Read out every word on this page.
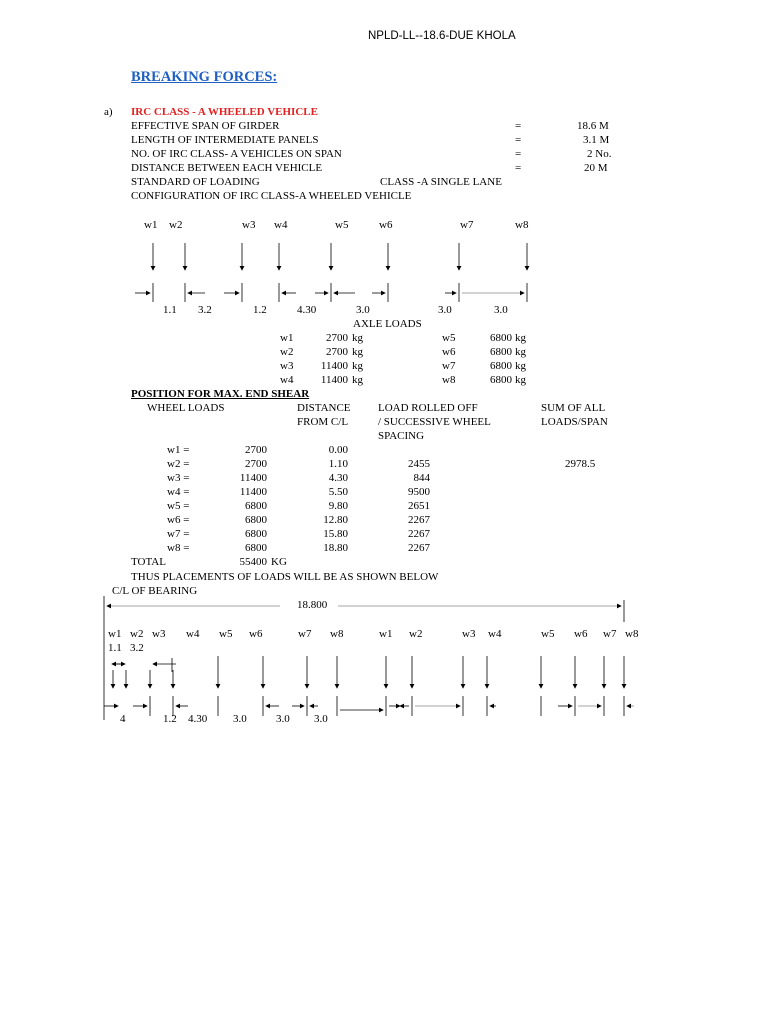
NPLD-LL--18.6-DUE KHOLA
BREAKING FORCES:
a) IRC CLASS - A WHEELED VEHICLE
EFFECTIVE SPAN OF GIRDER	=	18.6 M
LENGTH OF INTERMEDIATE PANELS	=	3.1 M
NO. OF IRC CLASS- A VEHICLES ON SPAN	=	2 No.
DISTANCE BETWEEN EACH VEHICLE	=	20 M
STANDARD OF LOADING	CLASS -A SINGLE LANE
CONFIGURATION OF IRC CLASS-A WHEELED VEHICLE
w1 w2	w3 w4	w5	w6	w7	w8
1.1 3.2	1.2	4.30	3.0	3.0	3.0
AXLE LOADS
w1	2700 kg
w2	2700 kg
w3	11400 kg
w4	11400 kg
w5	6800 kg
w6	6800 kg
w7	6800 kg
w8	6800 kg
POSITION FOR MAX. END SHEAR
WHEEL LOADS	DISTANCE
FROM C/L
LOAD ROLLED OFF
/ SUCCESSIVE WHEEL
SPACING
SUM OF ALL
LOADS/SPAN
w1 =	2700	0.00
w2 =	2700	1.10	2455	2978.5
w3 =	11400	4.30	844
w4 =	11400	5.50	9500
w5 =	6800	9.80	2651
w6 =	6800	12.80	2267
w7 =	6800	15.80	2267
w8 =	6800	18.80	2267
TOTAL	55400 KG
THUS PLACEMENTS OF LOADS WILL BE AS SHOWN BELOW
C/L OF BEARING
18.800
w1 w2 w3 w4 w5 w6	w7 w8	w1 w2	w3 w4	w5 w6 w7 w8
1.1 3.2
4	1.2 4.30 3.0	3.0 3.0
